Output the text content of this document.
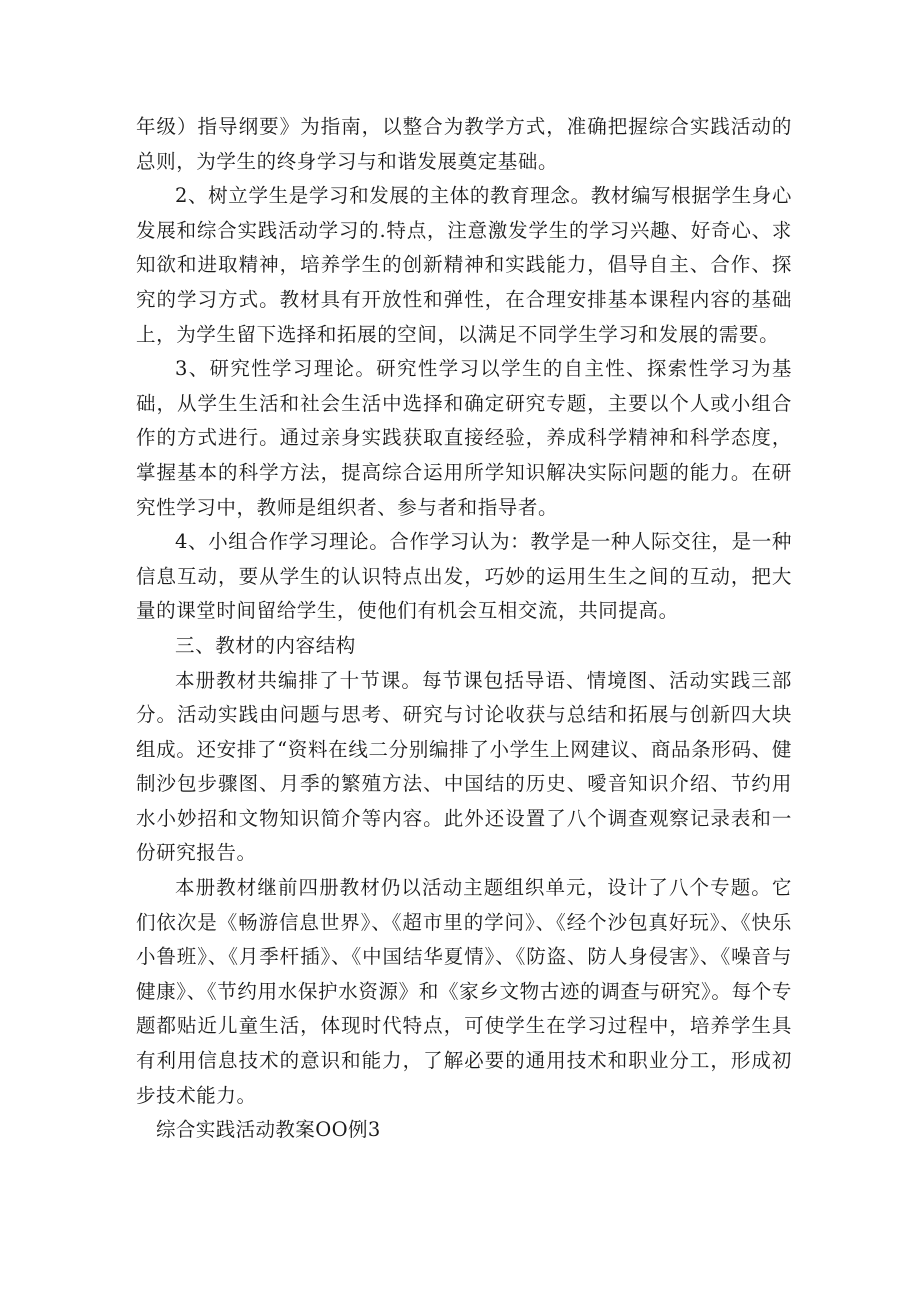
年级）指导纲要》为指南，以整合为教学方式，准确把握综合实践活动的总则，为学生的终身学习与和谐发展奠定基础。

2、树立学生是学习和发展的主体的教育理念。教材编写根据学生身心发展和综合实践活动学习的.特点，注意激发学生的学习兴趣、好奇心、求知欲和进取精神，培养学生的创新精神和实践能力，倡导自主、合作、探究的学习方式。教材具有开放性和弹性，在合理安排基本课程内容的基础上，为学生留下选择和拓展的空间，以满足不同学生学习和发展的需要。

3、研究性学习理论。研究性学习以学生的自主性、探索性学习为基础，从学生生活和社会生活中选择和确定研究专题，主要以个人或小组合作的方式进行。通过亲身实践获取直接经验，养成科学精神和科学态度，掌握基本的科学方法，提高综合运用所学知识解决实际问题的能力。在研究性学习中，教师是组织者、参与者和指导者。

4、小组合作学习理论。合作学习认为：教学是一种人际交往，是一种信息互动，要从学生的认识特点出发，巧妙的运用生生之间的互动，把大量的课堂时间留给学生，使他们有机会互相交流，共同提高。

三、教材的内容结构

本册教材共编排了十节课。每节课包括导语、情境图、活动实践三部分。活动实践由问题与思考、研究与讨论收获与总结和拓展与创新四大块组成。还安排了“资料在线二分别编排了小学生上网建议、商品条形码、健制沙包步骤图、月季的繁殖方法、中国结的历史、噯音知识介绍、节约用水小妙招和文物知识简介等内容。此外还设置了八个调查观察记录表和一份研究报告。

本册教材继前四册教材仍以活动主题组织单元，设计了八个专题。它们依次是《畅游信息世界》、《超市里的学问》、《经个沙包真好玩》、《快乐小鲁班》、《月季杆插》、《中国结华夏情》、《防盗、防人身侵害》、《噪音与健康》、《节约用水保护水资源》和《家乡文物古迹的调查与研究》。每个专题都贴近儿童生活，体现时代特点，可使学生在学习过程中，培养学生具有利用信息技术的意识和能力，了解必要的通用技术和职业分工，形成初步技术能力。

综合实践活动教案OO例3
